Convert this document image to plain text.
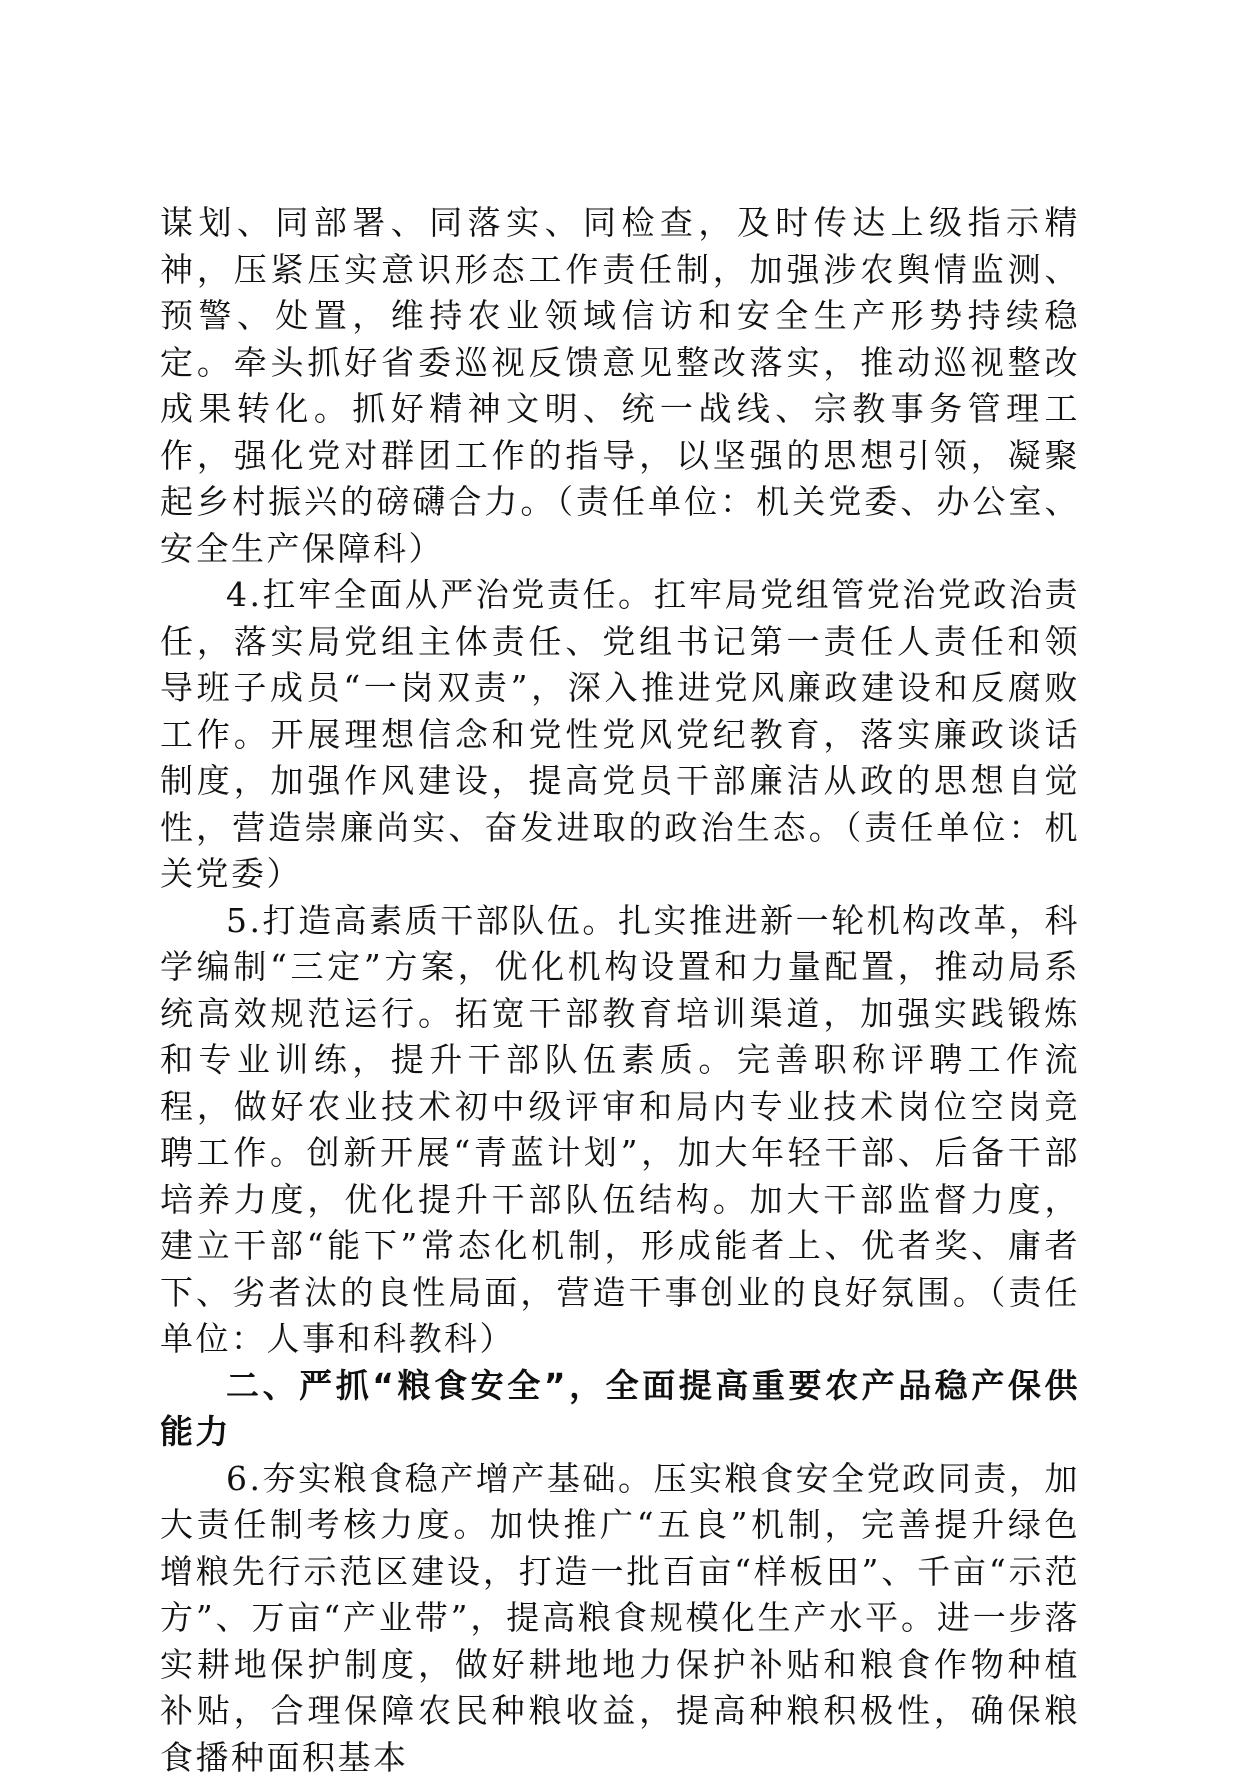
谋划、同部署、同落实、同检查，及时传达上级指示精神，压紧压实意识形态工作责任制，加强涉农舆情监测、预警、处置，维持农业领域信访和安全生产形势持续稳定。牵头抓好省委巡视反馈意见整改落实，推动巡视整改成果转化。抓好精神文明、统一战线、宗教事务管理工作，强化党对群团工作的指导，以坚强的思想引领，凝聚起乡村振兴的磅礴合力。（责任单位：机关党委、办公室、安全生产保障科）

4.扛牢全面从严治党责任。扛牢局党组管党治党政治责任，落实局党组主体责任、党组书记第一责任人责任和领导班子成员“一岗双责”，深入推进党风廉政建设和反腐败工作。开展理想信念和党性党风党纪教育，落实廉政谈话制度，加强作风建设，提高党员干部廉洁从政的思想自觉性，营造崇廉尚实、奋发进取的政治生态。（责任单位：机关党委）

5.打造高素质干部队伍。扎实推进新一轮机构改革，科学编制“三定”方案，优化机构设置和力量配置，推动局系统高效规范运行。拓宽干部教育培训渠道，加强实践锻炼和专业训练，提升干部队伍素质。完善职称评聘工作流程，做好农业技术初中级评审和局内专业技术岗位空岗竞聘工作。创新开展“青蓝计划”，加大年轻干部、后备干部培养力度，优化提升干部队伍结构。加大干部监督力度，建立干部“能下”常态化机制，形成能者上、优者奖、庸者下、劣者汰的良性局面，营造干事创业的良好氛围。（责任单位：人事和科教科）

二、严抓“粮食安全”，全面提高重要农产品稳产保供能力

6.夯实粮食稳产增产基础。压实粮食安全党政同责，加大责任制考核力度。加快推广“五良”机制，完善提升绿色增粮先行示范区建设，打造一批百亩“样板田”、千亩“示范方”、万亩“产业带”，提高粮食规模化生产水平。进一步落实耕地保护制度，做好耕地地力保护补贴和粮食作物种植补贴，合理保障农民种粮收益，提高种粮积极性，确保粮食播种面积基本
